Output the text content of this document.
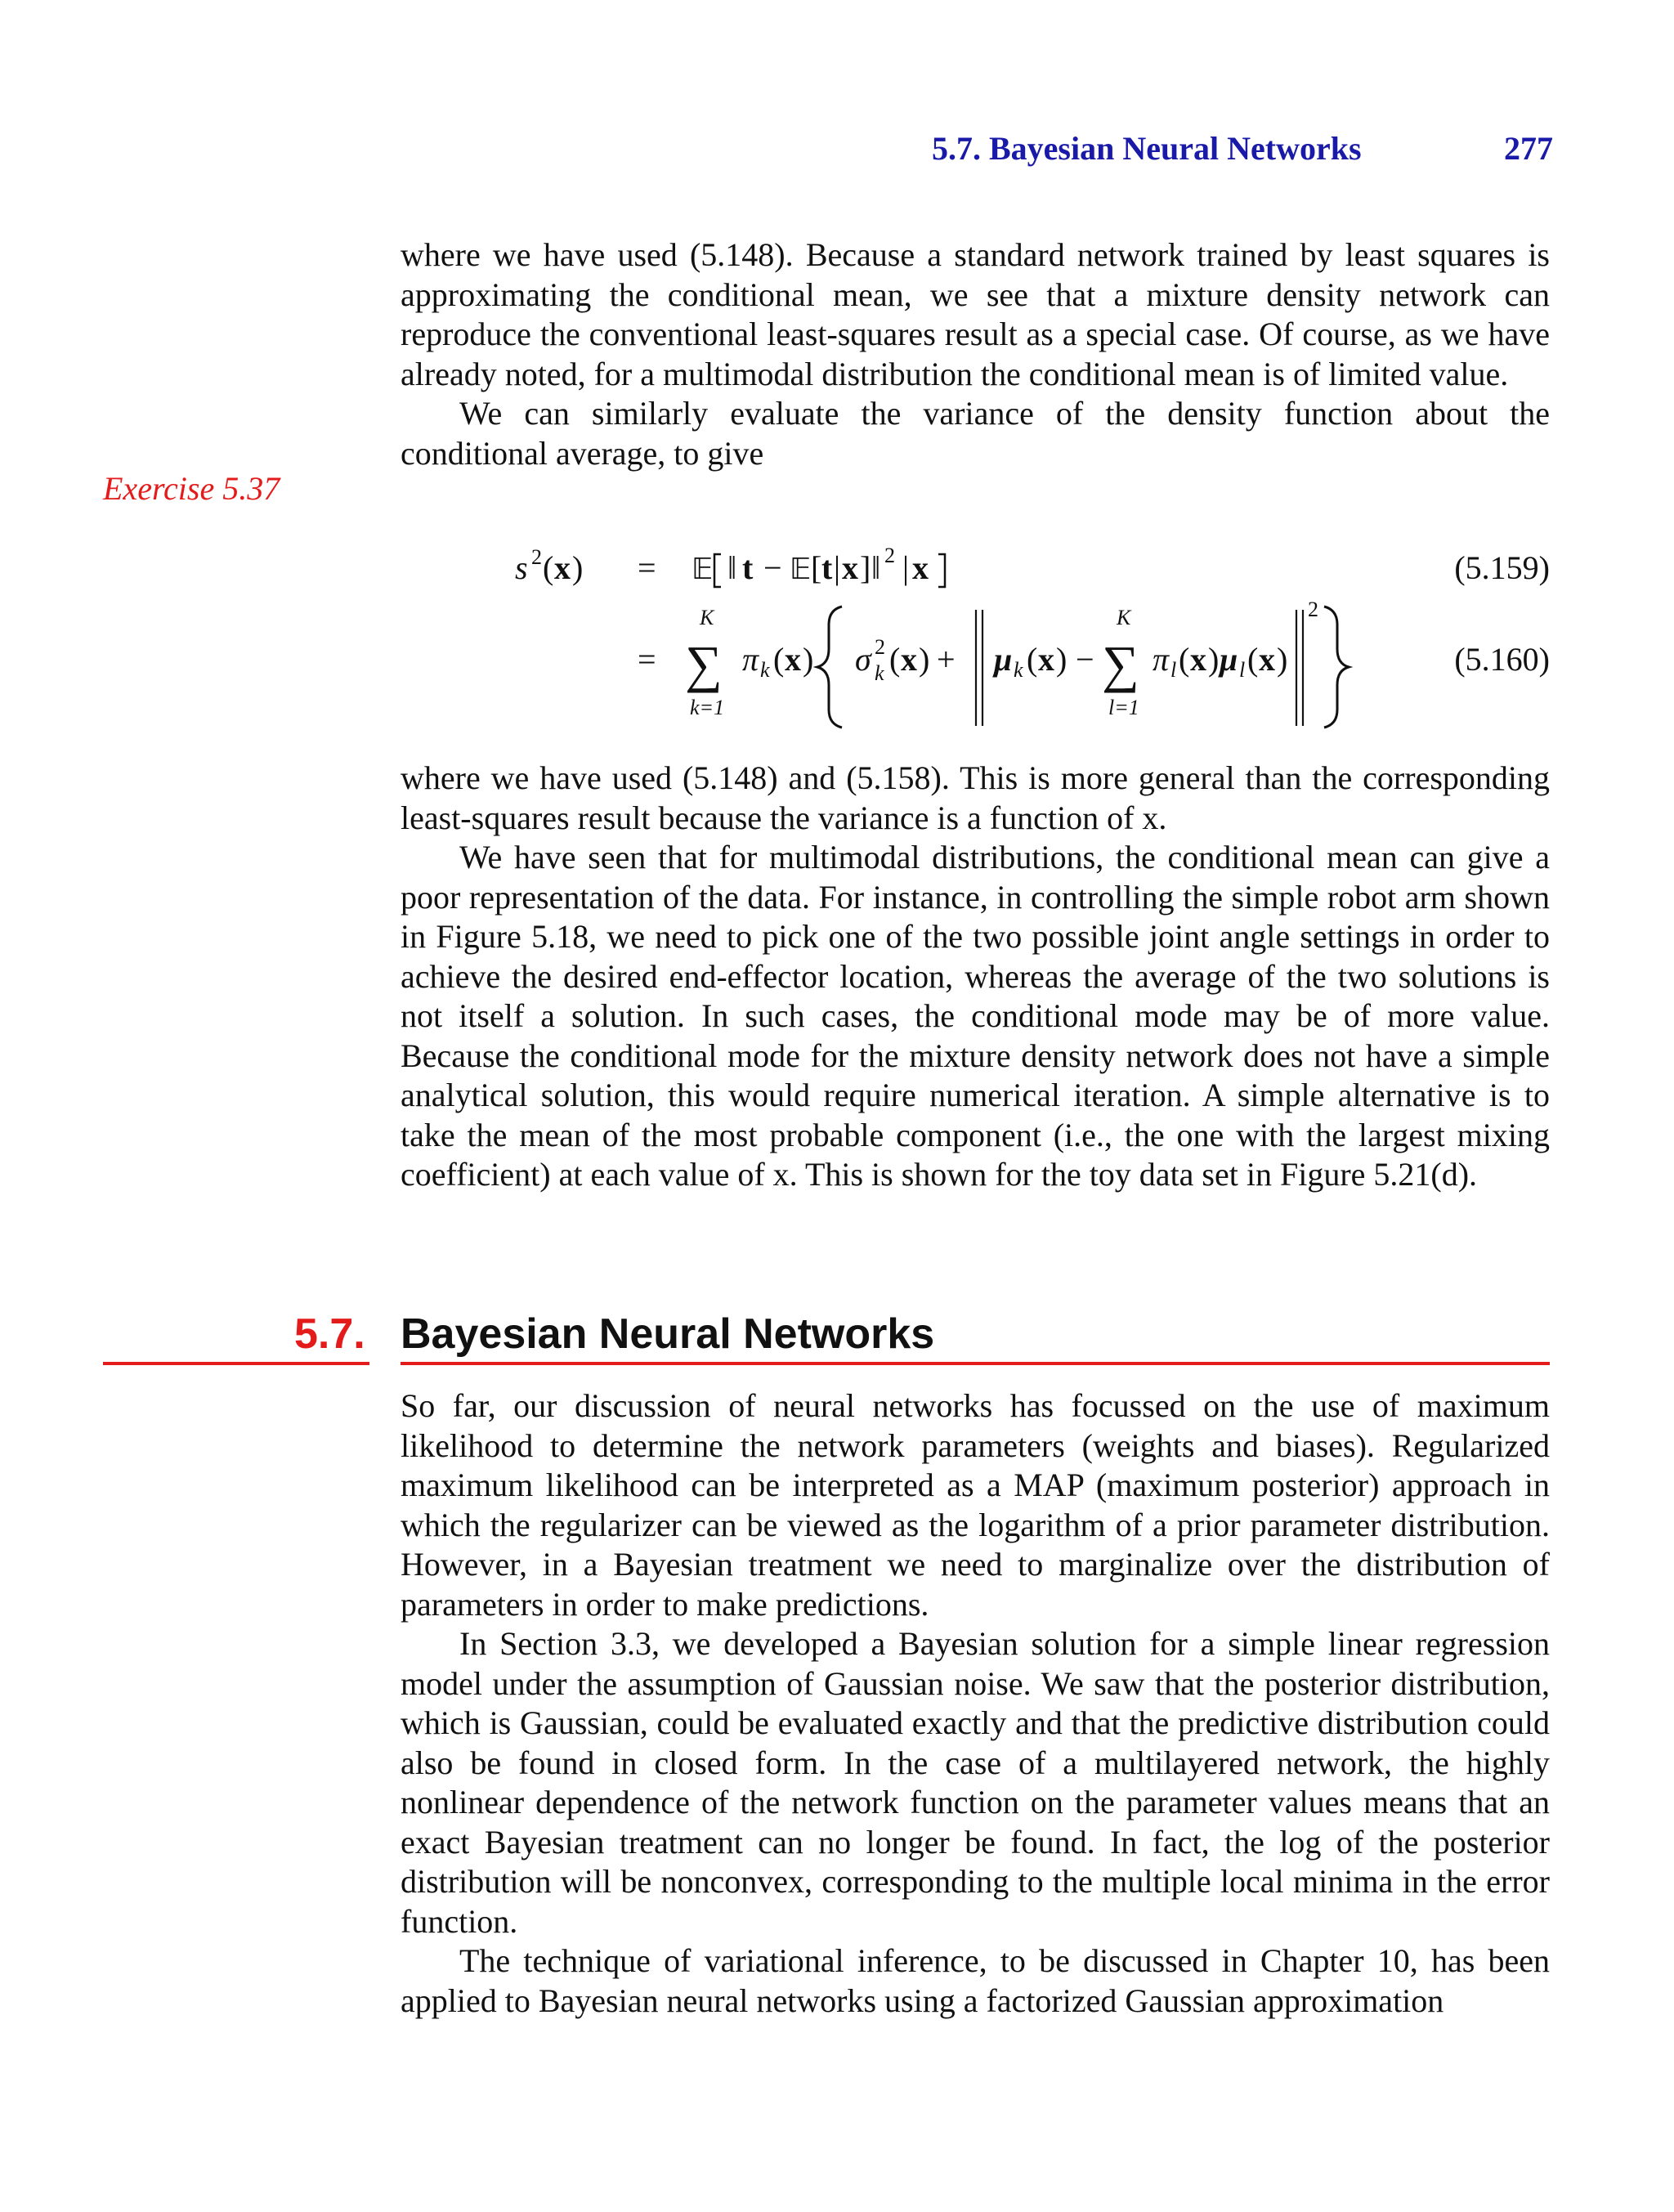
5.7. Bayesian Neural Networks	277

where we have used (5.148). Because a standard network trained by least squares is approximating the conditional mean, we see that a mixture density network can reproduce the conventional least-squares result as a special case. Of course, as we have already noted, for a multimodal distribution the conditional mean is of limited value.

We can similarly evaluate the variance of the density function about the conditional average, to give

Exercise 5.37
s 2 ( x ) = 𝔼 ‖ t − 𝔼 [ t | x ] ‖ 2 | x	(5.159)
=
K
∑
k=1
π k ( x ) σ 2
k ( x ) + μ k ( x ) −
K
∑
l=1
π l ( x ) μ l ( x )
2
(5.160)

where we have used (5.148) and (5.158). This is more general than the corresponding least-squares result because the variance is a function of x.

We have seen that for multimodal distributions, the conditional mean can give a poor representation of the data. For instance, in controlling the simple robot arm shown in Figure 5.18, we need to pick one of the two possible joint angle settings in order to achieve the desired end-effector location, whereas the average of the two solutions is not itself a solution. In such cases, the conditional mode may be of more value. Because the conditional mode for the mixture density network does not have a simple analytical solution, this would require numerical iteration. A simple alternative is to take the mean of the most probable component (i.e., the one with the largest mixing coefficient) at each value of x. This is shown for the toy data set in Figure 5.21(d).

5.7. Bayesian Neural Networks

So far, our discussion of neural networks has focussed on the use of maximum likelihood to determine the network parameters (weights and biases). Regularized maximum likelihood can be interpreted as a MAP (maximum posterior) approach in which the regularizer can be viewed as the logarithm of a prior parameter distribution. However, in a Bayesian treatment we need to marginalize over the distribution of parameters in order to make predictions.

In Section 3.3, we developed a Bayesian solution for a simple linear regression model under the assumption of Gaussian noise. We saw that the posterior distribution, which is Gaussian, could be evaluated exactly and that the predictive distribution could also be found in closed form. In the case of a multilayered network, the highly nonlinear dependence of the network function on the parameter values means that an exact Bayesian treatment can no longer be found. In fact, the log of the posterior distribution will be nonconvex, corresponding to the multiple local minima in the error function.

The technique of variational inference, to be discussed in Chapter 10, has been applied to Bayesian neural networks using a factorized Gaussian approximation
